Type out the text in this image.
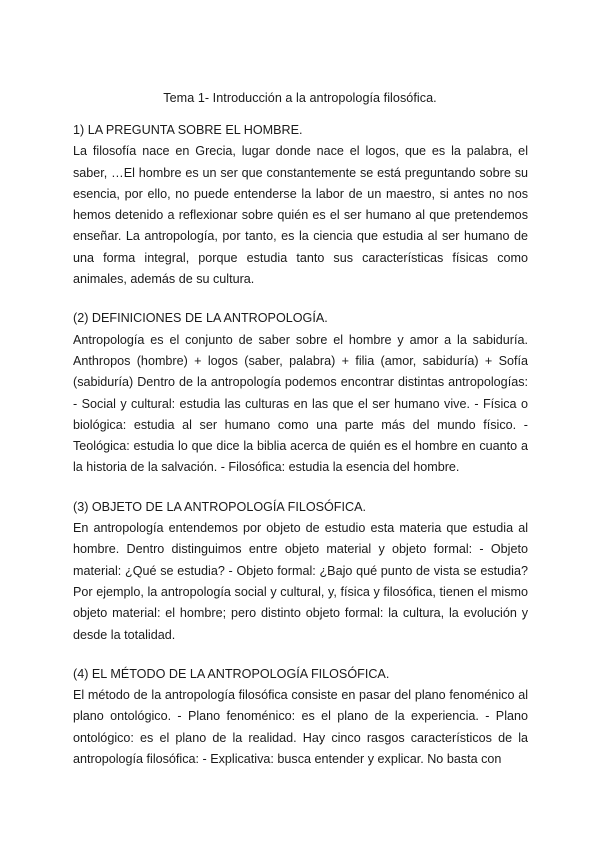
Tema 1- Introducción a la antropología filosófica.
1) LA PREGUNTA SOBRE EL HOMBRE.

La filosofía nace en Grecia, lugar donde nace el logos, que es la palabra, el saber, …El hombre es un ser que constantemente se está preguntando sobre su esencia, por ello, no puede entenderse la labor de un maestro, si antes no nos hemos detenido a reflexionar sobre quién es el ser humano al que pretendemos enseñar. La antropología, por tanto, es la ciencia que estudia al ser humano de una forma integral, porque estudia tanto sus características físicas como animales, además de su cultura.

(2) DEFINICIONES DE LA ANTROPOLOGÍA.

Antropología es el conjunto de saber sobre el hombre y amor a la sabiduría. Anthropos (hombre) + logos (saber, palabra) + filia (amor, sabiduría) + Sofía (sabiduría) Dentro de la antropología podemos encontrar distintas antropologías: - Social y cultural: estudia las culturas en las que el ser humano vive. - Física o biológica: estudia al ser humano como una parte más del mundo físico. - Teológica: estudia lo que dice la biblia acerca de quién es el hombre en cuanto a la historia de la salvación. - Filosófica: estudia la esencia del hombre.

(3) OBJETO DE LA ANTROPOLOGÍA FILOSÓFICA.

En antropología entendemos por objeto de estudio esta materia que estudia al hombre. Dentro distinguimos entre objeto material y objeto formal: - Objeto material: ¿Qué se estudia? - Objeto formal: ¿Bajo qué punto de vista se estudia? Por ejemplo, la antropología social y cultural, y, física y filosófica, tienen el mismo objeto material: el hombre; pero distinto objeto formal: la cultura, la evolución y desde la totalidad.

(4) EL MÉTODO DE LA ANTROPOLOGÍA FILOSÓFICA.

El método de la antropología filosófica consiste en pasar del plano fenoménico al plano ontológico. - Plano fenoménico: es el plano de la experiencia. - Plano ontológico: es el plano de la realidad. Hay cinco rasgos característicos de la antropología filosófica: - Explicativa: busca entender y explicar. No basta con
